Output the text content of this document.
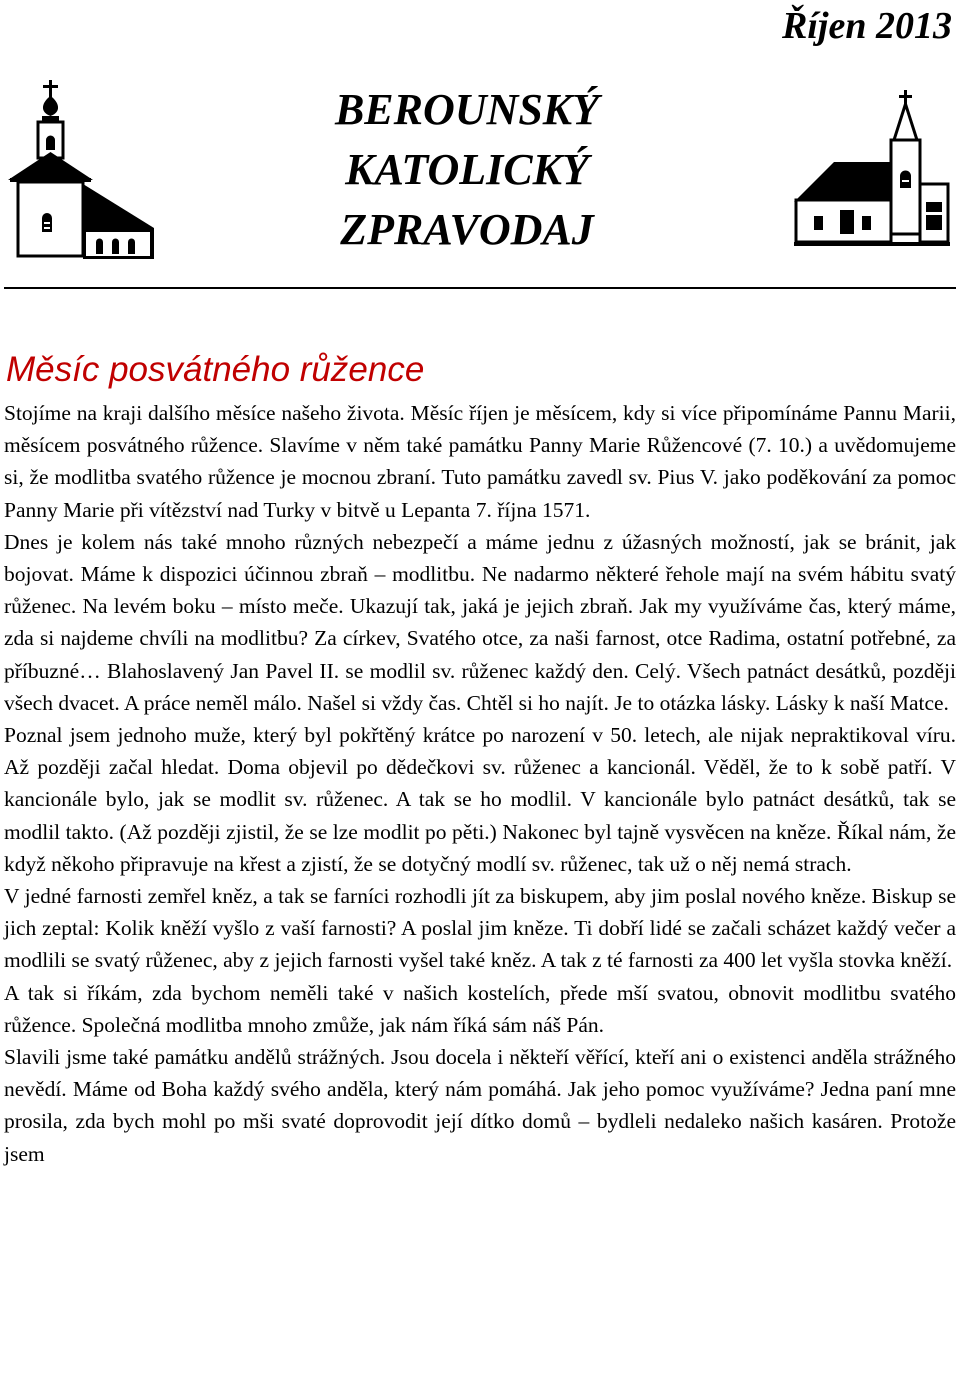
Říjen 2013
BEROUNSKÝ
KATOLICKÝ
ZPRAVODAJ
Měsíc posvátného růžence

Stojíme na kraji dalšího měsíce našeho života. Měsíc říjen je měsícem, kdy si více připomínáme Pannu Marii, měsícem posvátného růžence. Slavíme v něm také památku Panny Marie Růžencové (7. 10.) a uvědomujeme si, že modlitba svatého růžence je mocnou zbraní. Tuto památku zavedl sv. Pius V. jako poděkování za pomoc Panny Marie při vítězství nad Turky v bitvě u Lepanta 7. října 1571.

Dnes je kolem nás také mnoho různých nebezpečí a máme jednu z úžasných možností, jak se bránit, jak bojovat. Máme k dispozici účinnou zbraň – modlitbu. Ne nadarmo některé řehole mají na svém hábitu svatý růženec. Na levém boku – místo meče. Ukazují tak, jaká je jejich zbraň. Jak my využíváme čas, který máme, zda si najdeme chvíli na modlitbu? Za církev, Svatého otce, za naši farnost, otce Radima, ostatní potřebné, za příbuzné… Blahoslavený Jan Pavel II. se modlil sv. růženec každý den. Celý. Všech patnáct desátků, později všech dvacet. A práce neměl málo. Našel si vždy čas. Chtěl si ho najít. Je to otázka lásky. Lásky k naší Matce.

Poznal jsem jednoho muže, který byl pokřtěný krátce po narození v 50. letech, ale nijak nepraktikoval víru. Až později začal hledat. Doma objevil po dědečkovi sv. růženec a kancionál. Věděl, že to k sobě patří. V kancionále bylo, jak se modlit sv. růženec. A tak se ho modlil. V kancionále bylo patnáct desátků, tak se modlil takto. (Až později zjistil, že se lze modlit po pěti.) Nakonec byl tajně vysvěcen na kněze. Říkal nám, že když někoho připravuje na křest a zjistí, že se dotyčný modlí sv. růženec, tak už o něj nemá strach.

V jedné farnosti zemřel kněz, a tak se farníci rozhodli jít za biskupem, aby jim poslal nového kněze. Biskup se jich zeptal: Kolik kněží vyšlo z vaší farnosti? A poslal jim kněze. Ti dobří lidé se začali scházet každý večer a modlili se svatý růženec, aby z jejich farnosti vyšel také kněz. A tak z té farnosti za 400 let vyšla stovka kněží.

A tak si říkám, zda bychom neměli také v našich kostelích, přede mší svatou, obnovit modlitbu svatého růžence. Společná modlitba mnoho zmůže, jak nám říká sám náš Pán.

Slavili jsme také památku andělů strážných. Jsou docela i někteří věřící, kteří ani o existenci anděla strážného nevědí. Máme od Boha každý svého anděla, který nám pomáhá. Jak jeho pomoc využíváme? Jedna paní mne prosila, zda bych mohl po mši svaté doprovodit její dítko domů – bydleli nedaleko našich kasáren. Protože jsem
